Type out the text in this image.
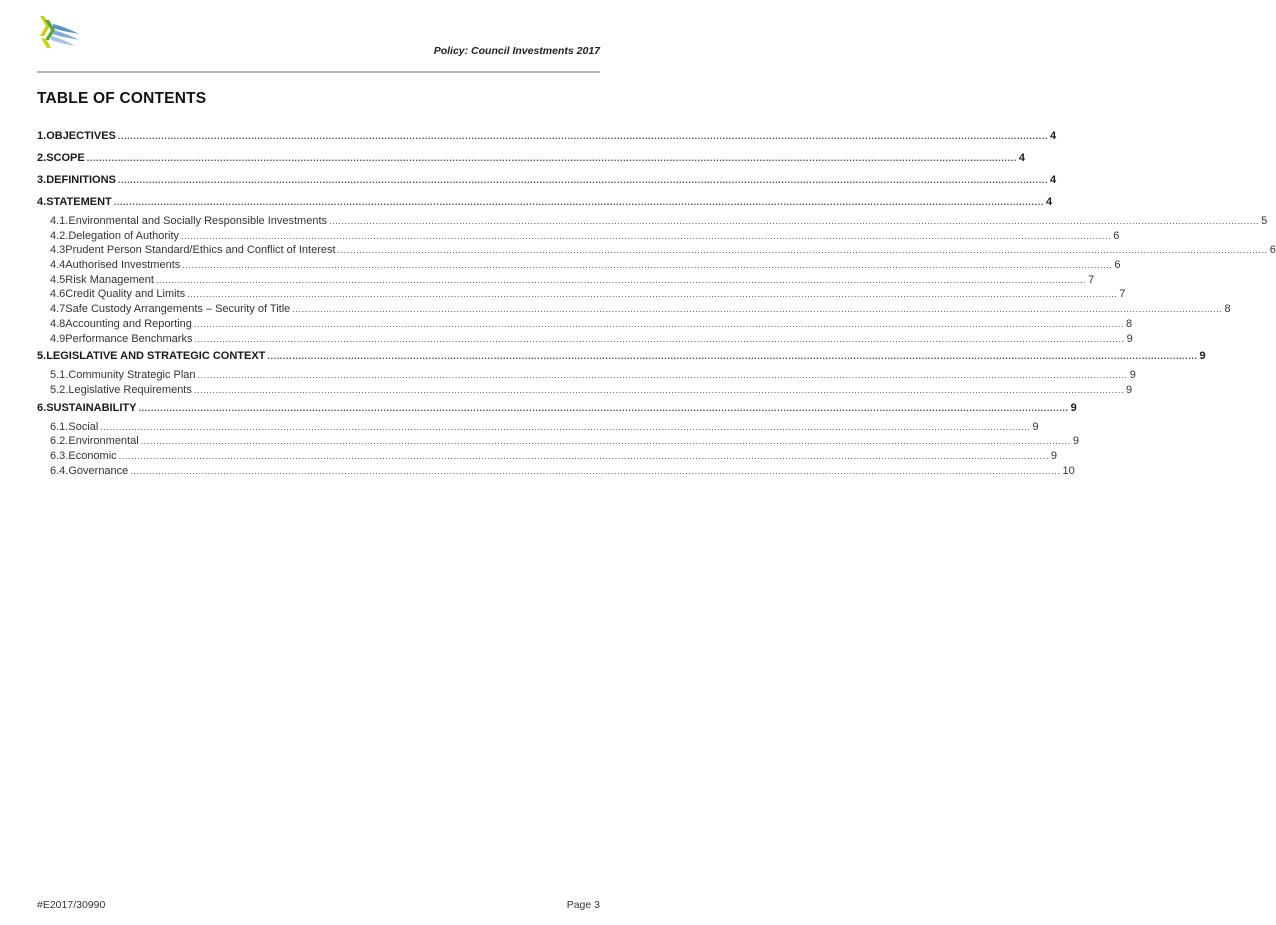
Policy: Council Investments 2017
TABLE OF CONTENTS
1. OBJECTIVES ............................................................................................................................................................................................................................................................................................................ 4
2. SCOPE ............................................................................................................................................................................................................................................................................................................ 4
3. DEFINITIONS ............................................................................................................................................................................................................................................................................................................ 4
4. STATEMENT ............................................................................................................................................................................................................................................................................................................ 4
4.1. Environmental and Socially Responsible Investments ............................................................................................................................................................................................................................................................................................................ 5
4.2. Delegation of Authority ............................................................................................................................................................................................................................................................................................................ 6
4.3 Prudent Person Standard/Ethics and Conflict of Interest ............................................................................................................................................................................................................................................................................................................ 6
4.4 Authorised Investments ............................................................................................................................................................................................................................................................................................................ 6
4.5 Risk Management ............................................................................................................................................................................................................................................................................................................ 7
4.6 Credit Quality and Limits ............................................................................................................................................................................................................................................................................................................ 7
4.7 Safe Custody Arrangements – Security of Title ............................................................................................................................................................................................................................................................................................................ 8
4.8 Accounting and Reporting ............................................................................................................................................................................................................................................................................................................ 8
4.9 Performance Benchmarks ............................................................................................................................................................................................................................................................................................................ 9
5. LEGISLATIVE AND STRATEGIC CONTEXT ............................................................................................................................................................................................................................................................................................................ 9
5.1. Community Strategic Plan ............................................................................................................................................................................................................................................................................................................ 9
5.2. Legislative Requirements ............................................................................................................................................................................................................................................................................................................ 9
6. SUSTAINABILITY ............................................................................................................................................................................................................................................................................................................ 9
6.1. Social ............................................................................................................................................................................................................................................................................................................ 9
6.2. Environmental ............................................................................................................................................................................................................................................................................................................ 9
6.3. Economic ............................................................................................................................................................................................................................................................................................................ 9
6.4. Governance ............................................................................................................................................................................................................................................................................................................ 10
#E2017/30990	Page 3
